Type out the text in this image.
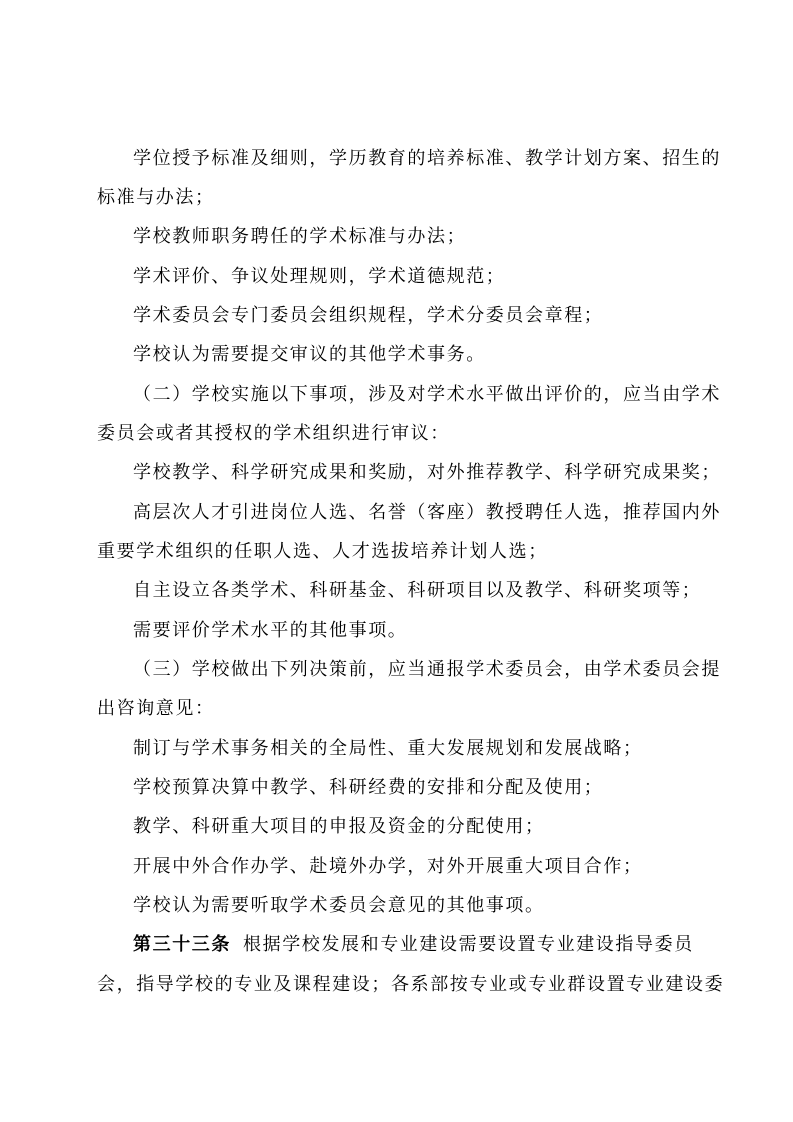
学位授予标准及细则，学历教育的培养标准、教学计划方案、招生的
标准与办法；
学校教师职务聘任的学术标准与办法；
学术评价、争议处理规则，学术道德规范；
学术委员会专门委员会组织规程，学术分委员会章程；
学校认为需要提交审议的其他学术事务。
（二）学校实施以下事项，涉及对学术水平做出评价的，应当由学术
委员会或者其授权的学术组织进行审议：
学校教学、科学研究成果和奖励，对外推荐教学、科学研究成果奖；
高层次人才引进岗位人选、名誉（客座）教授聘任人选，推荐国内外
重要学术组织的任职人选、人才选拔培养计划人选；
自主设立各类学术、科研基金、科研项目以及教学、科研奖项等；
需要评价学术水平的其他事项。
（三）学校做出下列决策前，应当通报学术委员会，由学术委员会提
出咨询意见：
制订与学术事务相关的全局性、重大发展规划和发展战略；
学校预算决算中教学、科研经费的安排和分配及使用；
教学、科研重大项目的申报及资金的分配使用；
开展中外合作办学、赴境外办学，对外开展重大项目合作；
学校认为需要听取学术委员会意见的其他事项。
第三十三条 根据学校发展和专业建设需要设置专业建设指导委员
会，指导学校的专业及课程建设；各系部按专业或专业群设置专业建设委
